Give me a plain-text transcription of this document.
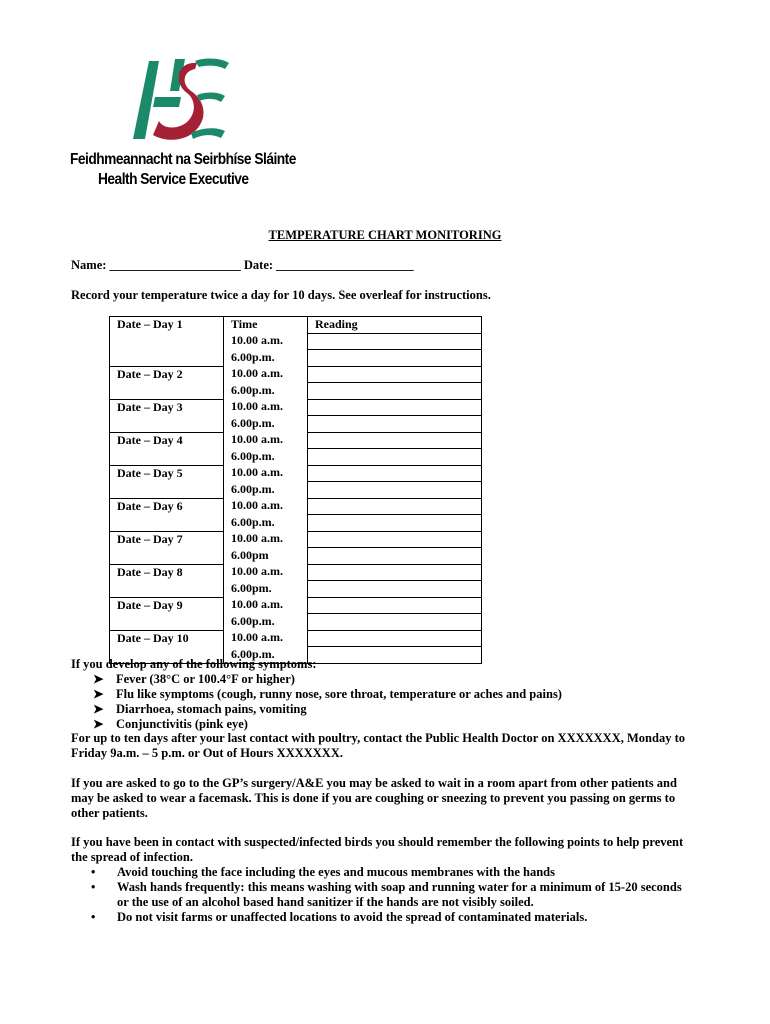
Feidhmeannacht na Seirbhíse Sláinte
Health Service Executive
TEMPERATURE CHART MONITORING
Name: _____________________ Date: ______________________
Record your temperature twice a day for 10 days. See overleaf for instructions.
Date – Day 1	Time	Reading
	10.00 a.m.	
	6.00p.m.	
Date – Day 2	10.00 a.m.	
	6.00p.m.	
Date – Day 3	10.00 a.m.	
	6.00p.m.	
Date – Day 4	10.00 a.m.	
	6.00p.m.	
Date – Day 5	10.00 a.m.	
	6.00p.m.	
Date – Day 6	10.00 a.m.	
	6.00p.m.	
Date – Day 7	10.00 a.m.	
	6.00pm	
Date – Day 8	10.00 a.m.	
	6.00pm.	
Date – Day 9	10.00 a.m.	
	6.00p.m.	
Date – Day 10	10.00 a.m.	
	6.00p.m.	
If you develop any of the following symptoms:
➤ Fever (38°C or 100.4°F or higher)
➤ Flu like symptoms (cough, runny nose, sore throat, temperature or aches and pains)
➤ Diarrhoea, stomach pains, vomiting
➤ Conjunctivitis (pink eye)
For up to ten days after your last contact with poultry, contact the Public Health Doctor on XXXXXXX, Monday to Friday 9a.m. – 5 p.m. or Out of Hours XXXXXXX.
If you are asked to go to the GP’s surgery/A&E you may be asked to wait in a room apart from other patients and may be asked to wear a facemask. This is done if you are coughing or sneezing to prevent you passing on germs to other patients.
If you have been in contact with suspected/infected birds you should remember the following points to help prevent the spread of infection.
• Avoid touching the face including the eyes and mucous membranes with the hands
• Wash hands frequently: this means washing with soap and running water for a minimum of 15-20 seconds or the use of an alcohol based hand sanitizer if the hands are not visibly soiled.
• Do not visit farms or unaffected locations to avoid the spread of contaminated materials.
